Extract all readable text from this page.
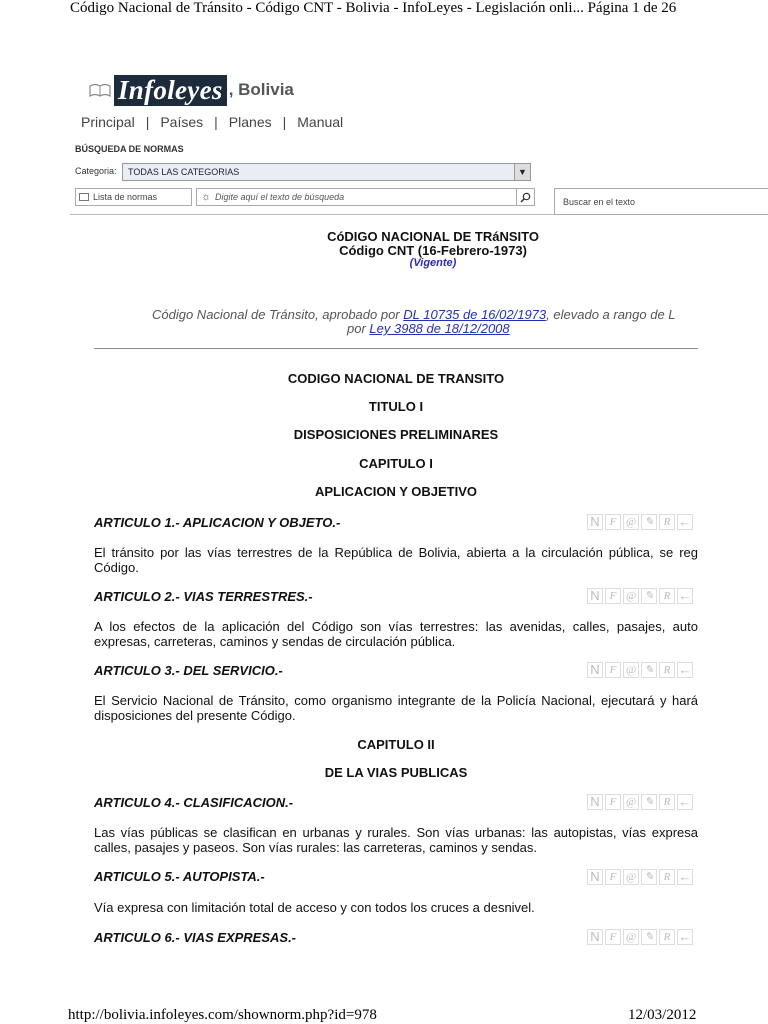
Código Nacional de Tránsito - Código CNT - Bolivia - InfoLeyes - Legislación onli... Página 1 de 26
http://bolivia.infoleyes.com/shownorm.php?id=978	12/03/2012
Infoleyes , Bolivia
Principal | Países | Planes | Manual
BÚSQUEDA DE NORMAS
Categoria:	TODAS LAS CATEGORIAS	▼
Lista de normas	☼ Digite aquí el texto de búsqueda	Buscar en el texto
CóDIGO NACIONAL DE TRáNSITO
Código CNT (16-Febrero-1973)
(Vigente)
Código Nacional de Tránsito, aprobado por DL 10735 de 16/02/1973, elevado a rango de L
por Ley 3988 de 18/12/2008
CODIGO NACIONAL DE TRANSITO
TITULO I
DISPOSICIONES PRELIMINARES
CAPITULO I
APLICACION Y OBJETIVO
ARTICULO 1.- APLICACION Y OBJETO.-	N F @ ✎ R ←
El tránsito por las vías terrestres de la República de Bolivia, abierta a la circulación pública, se reg
Código.
ARTICULO 2.- VIAS TERRESTRES.-	N F @ ✎ R ←
A los efectos de la aplicación del Código son vías terrestres: las avenidas, calles, pasajes, auto
expresas, carreteras, caminos y sendas de circulación pública.
ARTICULO 3.- DEL SERVICIO.-	N F @ ✎ R ←
El Servicio Nacional de Tránsito, como organismo integrante de la Policía Nacional, ejecutará y hará
disposiciones del presente Código.
CAPITULO II
DE LA VIAS PUBLICAS
ARTICULO 4.- CLASIFICACION.-	N F @ ✎ R ←
Las vías públicas se clasifican en urbanas y rurales. Son vías urbanas: las autopistas, vías expresa
calles, pasajes y paseos. Son vías rurales: las carreteras, caminos y sendas.
ARTICULO 5.- AUTOPISTA.-	N F @ ✎ R ←
Vía expresa con limitación total de acceso y con todos los cruces a desnivel.
ARTICULO 6.- VIAS EXPRESAS.-	N F @ ✎ R ←
